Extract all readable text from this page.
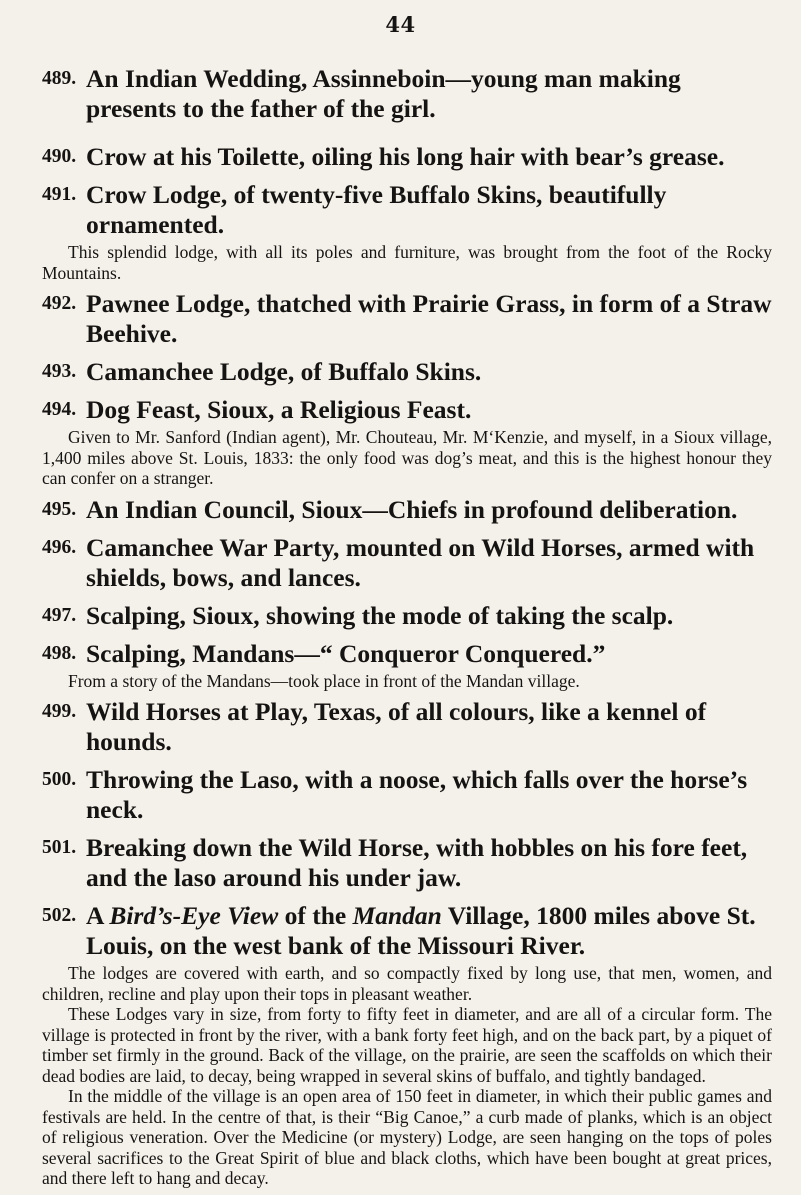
44
489. An Indian Wedding, Assinneboin—young man making presents to the father of the girl.
490. Crow at his Toilette, oiling his long hair with bear’s grease.
491. Crow Lodge, of twenty-five Buffalo Skins, beautifully ornamented.

This splendid lodge, with all its poles and furniture, was brought from the foot of the Rocky Mountains.

492. Pawnee Lodge, thatched with Prairie Grass, in form of a Straw Beehive.
493. Camanchee Lodge, of Buffalo Skins.
494. Dog Feast, Sioux, a Religious Feast.

Given to Mr. Sanford (Indian agent), Mr. Chouteau, Mr. M‘Kenzie, and myself, in a Sioux village, 1,400 miles above St. Louis, 1833: the only food was dog’s meat, and this is the highest honour they can confer on a stranger.

495. An Indian Council, Sioux—Chiefs in profound deliberation.
496. Camanchee War Party, mounted on Wild Horses, armed with shields, bows, and lances.
497. Scalping, Sioux, showing the mode of taking the scalp.
498. Scalping, Mandans—“ Conqueror Conquered.”

From a story of the Mandans—took place in front of the Mandan village.

499. Wild Horses at Play, Texas, of all colours, like a kennel of hounds.
500. Throwing the Laso, with a noose, which falls over the horse’s neck.
501. Breaking down the Wild Horse, with hobbles on his fore feet, and the laso around his under jaw.
502. A Bird’s-Eye View of the Mandan Village, 1800 miles above St. Louis, on the west bank of the Missouri River.

The lodges are covered with earth, and so compactly fixed by long use, that men, women, and children, recline and play upon their tops in pleasant weather.

These Lodges vary in size, from forty to fifty feet in diameter, and are all of a circular form. The village is protected in front by the river, with a bank forty feet high, and on the back part, by a piquet of timber set firmly in the ground. Back of the village, on the prairie, are seen the scaffolds on which their dead bodies are laid, to decay, being wrapped in several skins of buffalo, and tightly bandaged.

In the middle of the village is an open area of 150 feet in diameter, in which their public games and festivals are held. In the centre of that, is their “Big Canoe,” a curb made of planks, which is an object of religious veneration. Over the Medicine (or mystery) Lodge, are seen hanging on the tops of poles several sacrifices to the Great Spirit of blue and black cloths, which have been bought at great prices, and there left to hang and decay.
